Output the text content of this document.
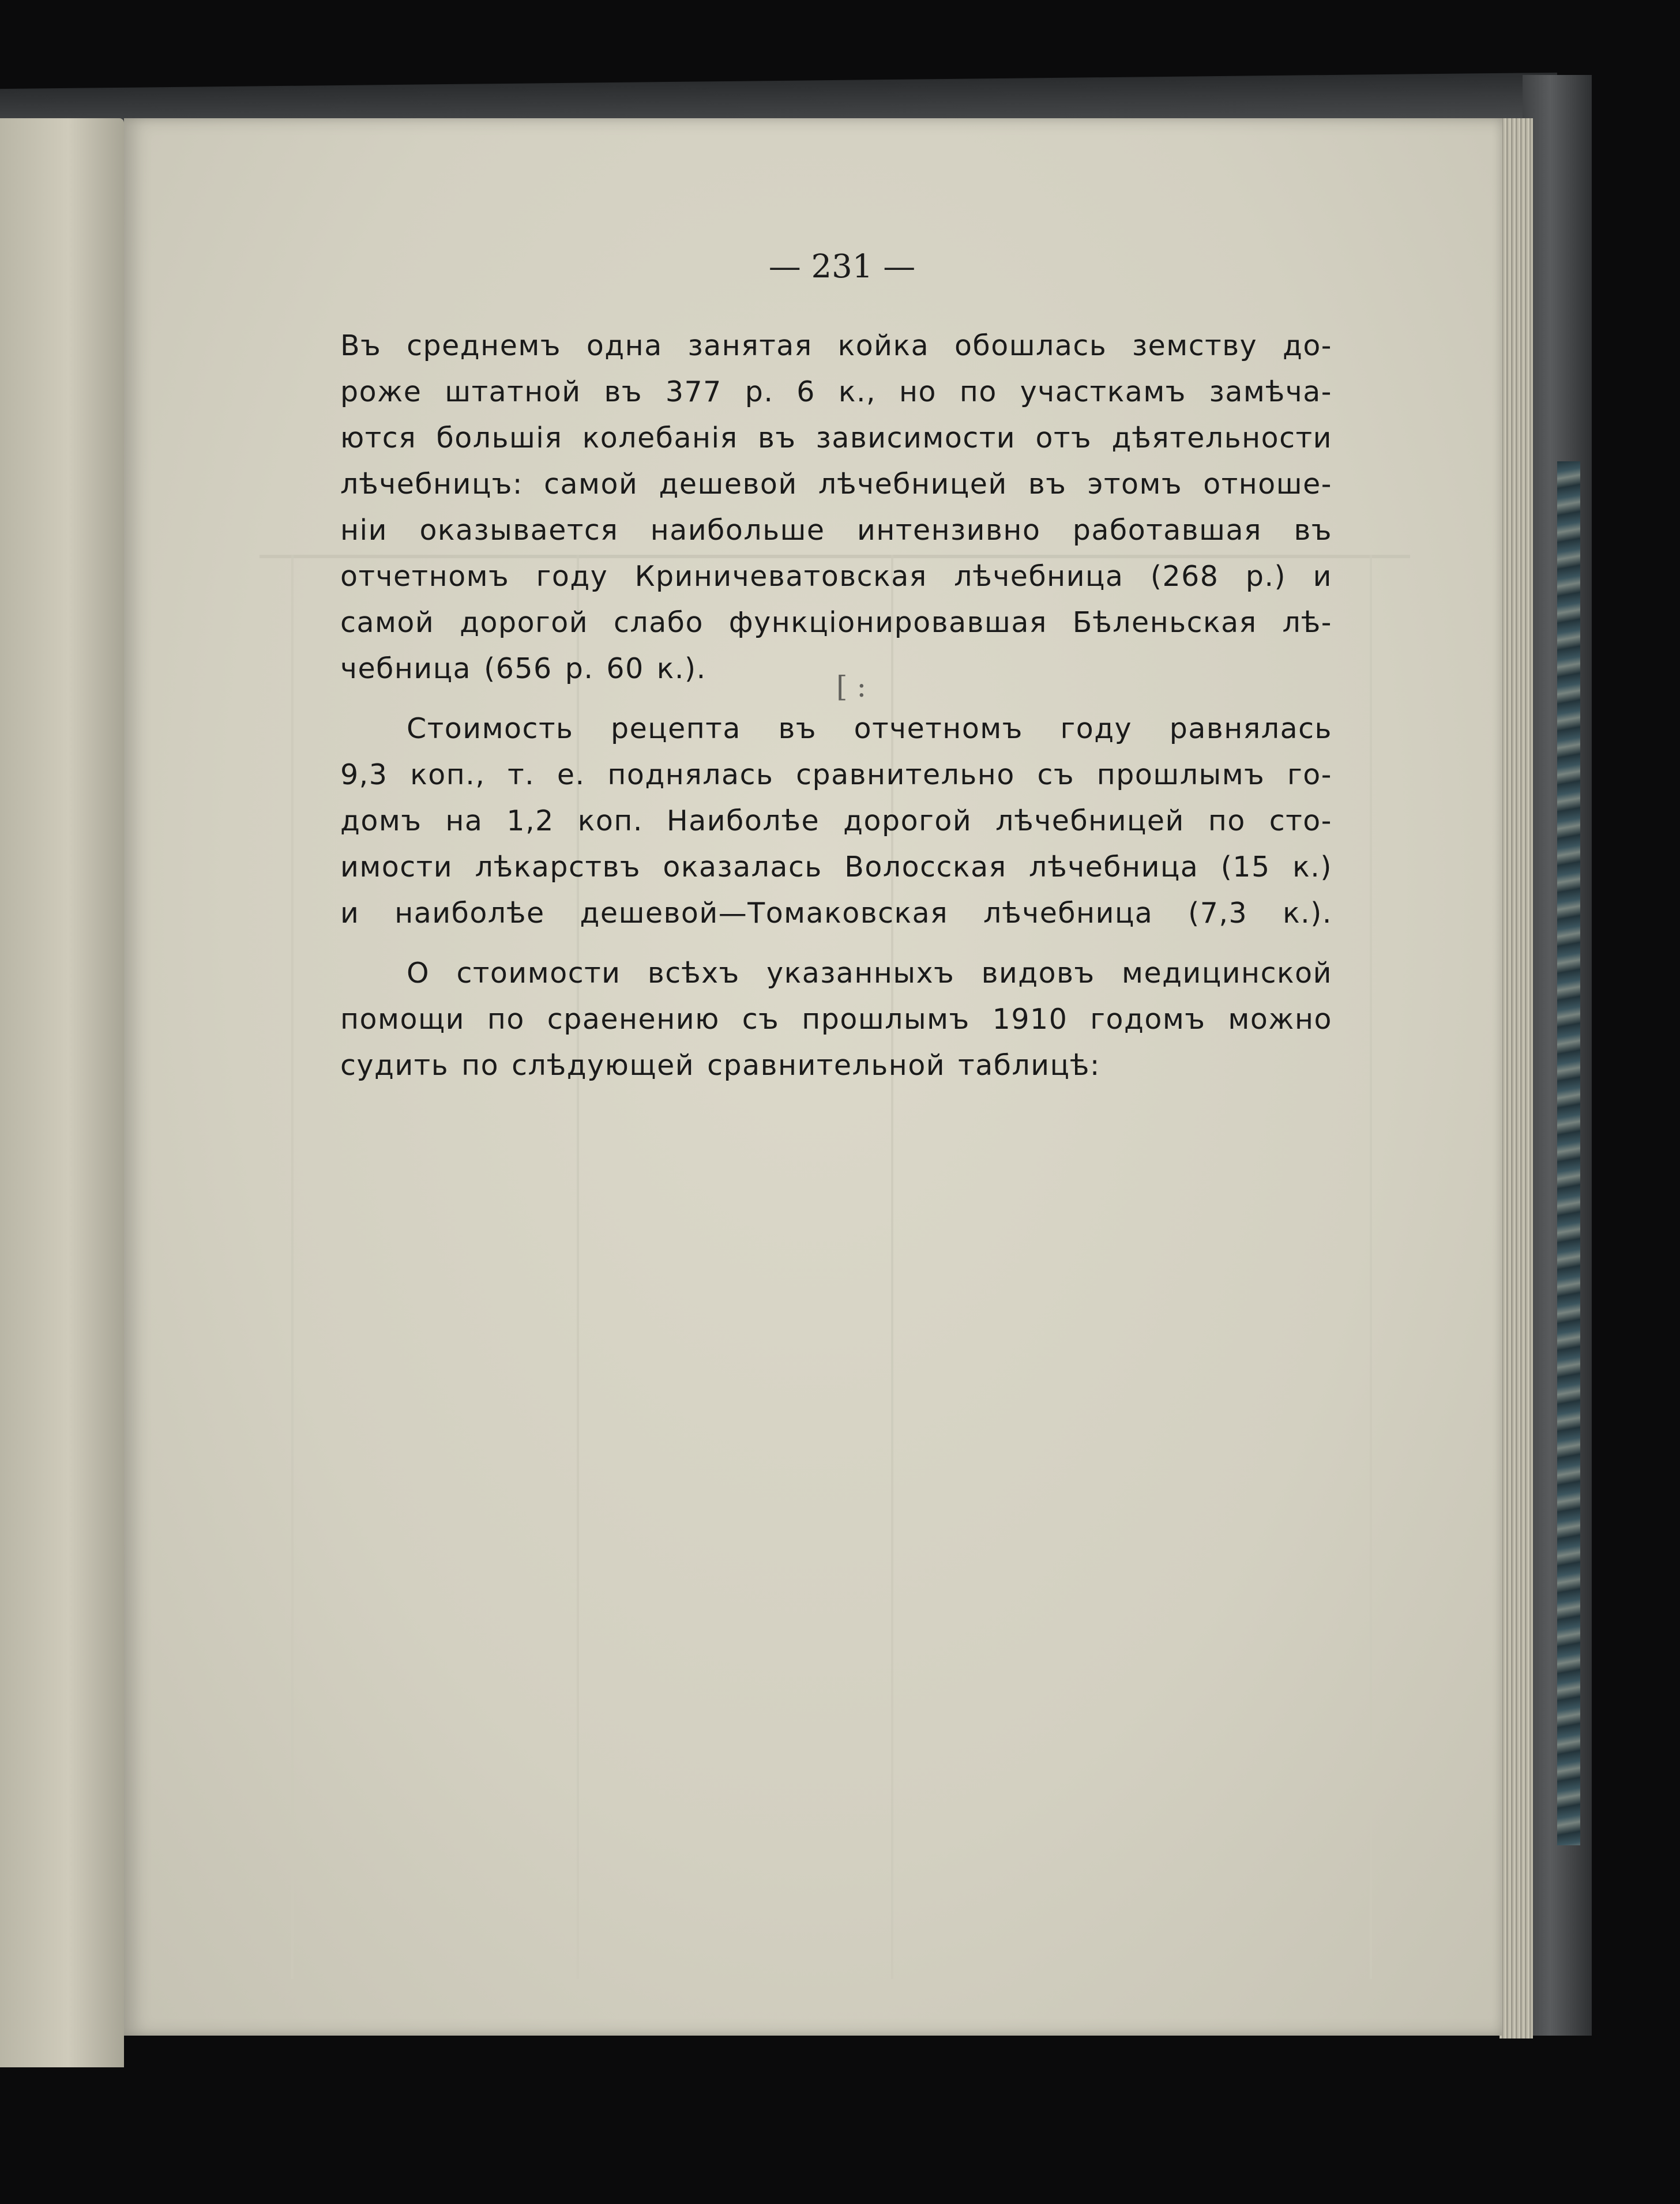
— 231 —
[ :
Въ среднемъ одна занятая койка обошлась земству до-
роже штатной въ 377 р. 6 к., но по участкамъ замѣча-
ются большія колебанія въ зависимости отъ дѣятельности
лѣчебницъ: самой дешевой лѣчебницей въ этомъ отноше-
ніи оказывается наибольше интензивно работавшая въ
отчетномъ году Криничеватовская лѣчебница (268 р.) и
самой дорогой слабо функціонировавшая Бѣленьская лѣ-
чебница (656 р. 60 к.).
Стоимость рецепта въ отчетномъ году равнялась
9,3 коп., т. е. поднялась сравнительно съ прошлымъ го-
домъ на 1,2 коп. Наиболѣе дорогой лѣчебницей по сто-
имости лѣкарствъ оказалась Волосская лѣчебница (15 к.)
и наиболѣе дешевой—Томаковская лѣчебница (7,3 к.).
О стоимости всѣхъ указанныхъ видовъ медицинской
помощи по сраенению съ прошлымъ 1910 годомъ можно
судить по слѣдующей сравнительной таблицѣ:
